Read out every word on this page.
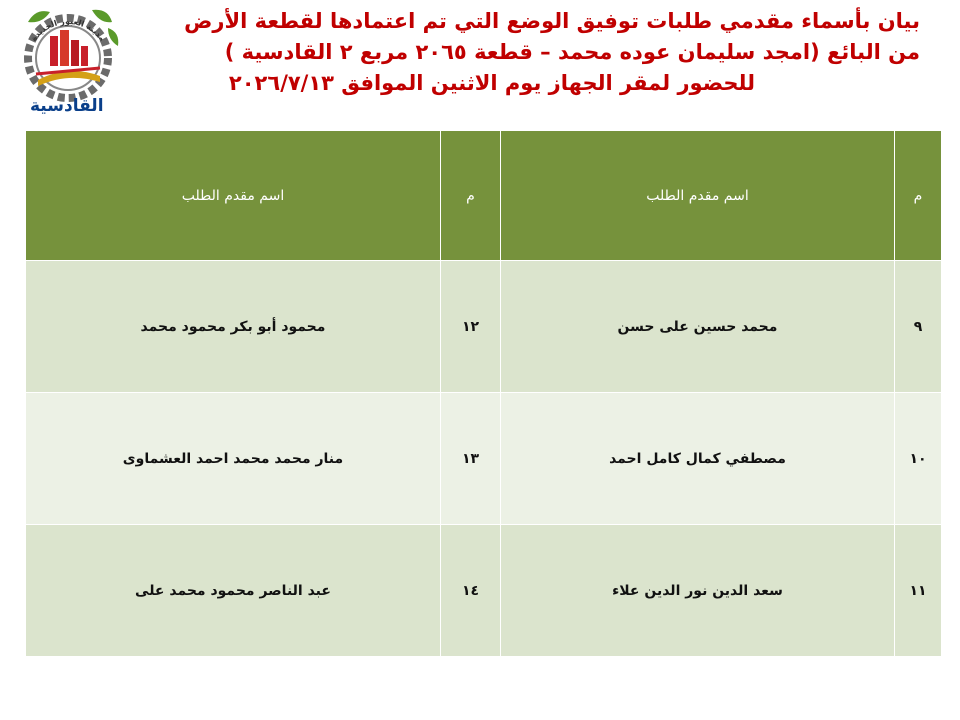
بيان بأسماء مقدمي طلبات توفيق الوضع التي تم اعتمادها لقطعة الأرض
من البائع (امجد سليمان عوده محمد – قطعة ٢٠٦٥ مربع ٢ القادسية )
للحضور لمقر الجهاز يوم الاثنين الموافق ٢٠٢٦/٧/١٣
مدينة العبور الجديدة
القادسية
م	اسم مقدم الطلب	م	اسم مقدم الطلب
٩	محمد حسين على حسن	١٢	محمود أبو بكر محمود محمد
١٠	مصطفي كمال كامل احمد	١٣	منار محمد محمد احمد العشماوى
١١	سعد الدين نور الدين علاء	١٤	عبد الناصر محمود محمد على
